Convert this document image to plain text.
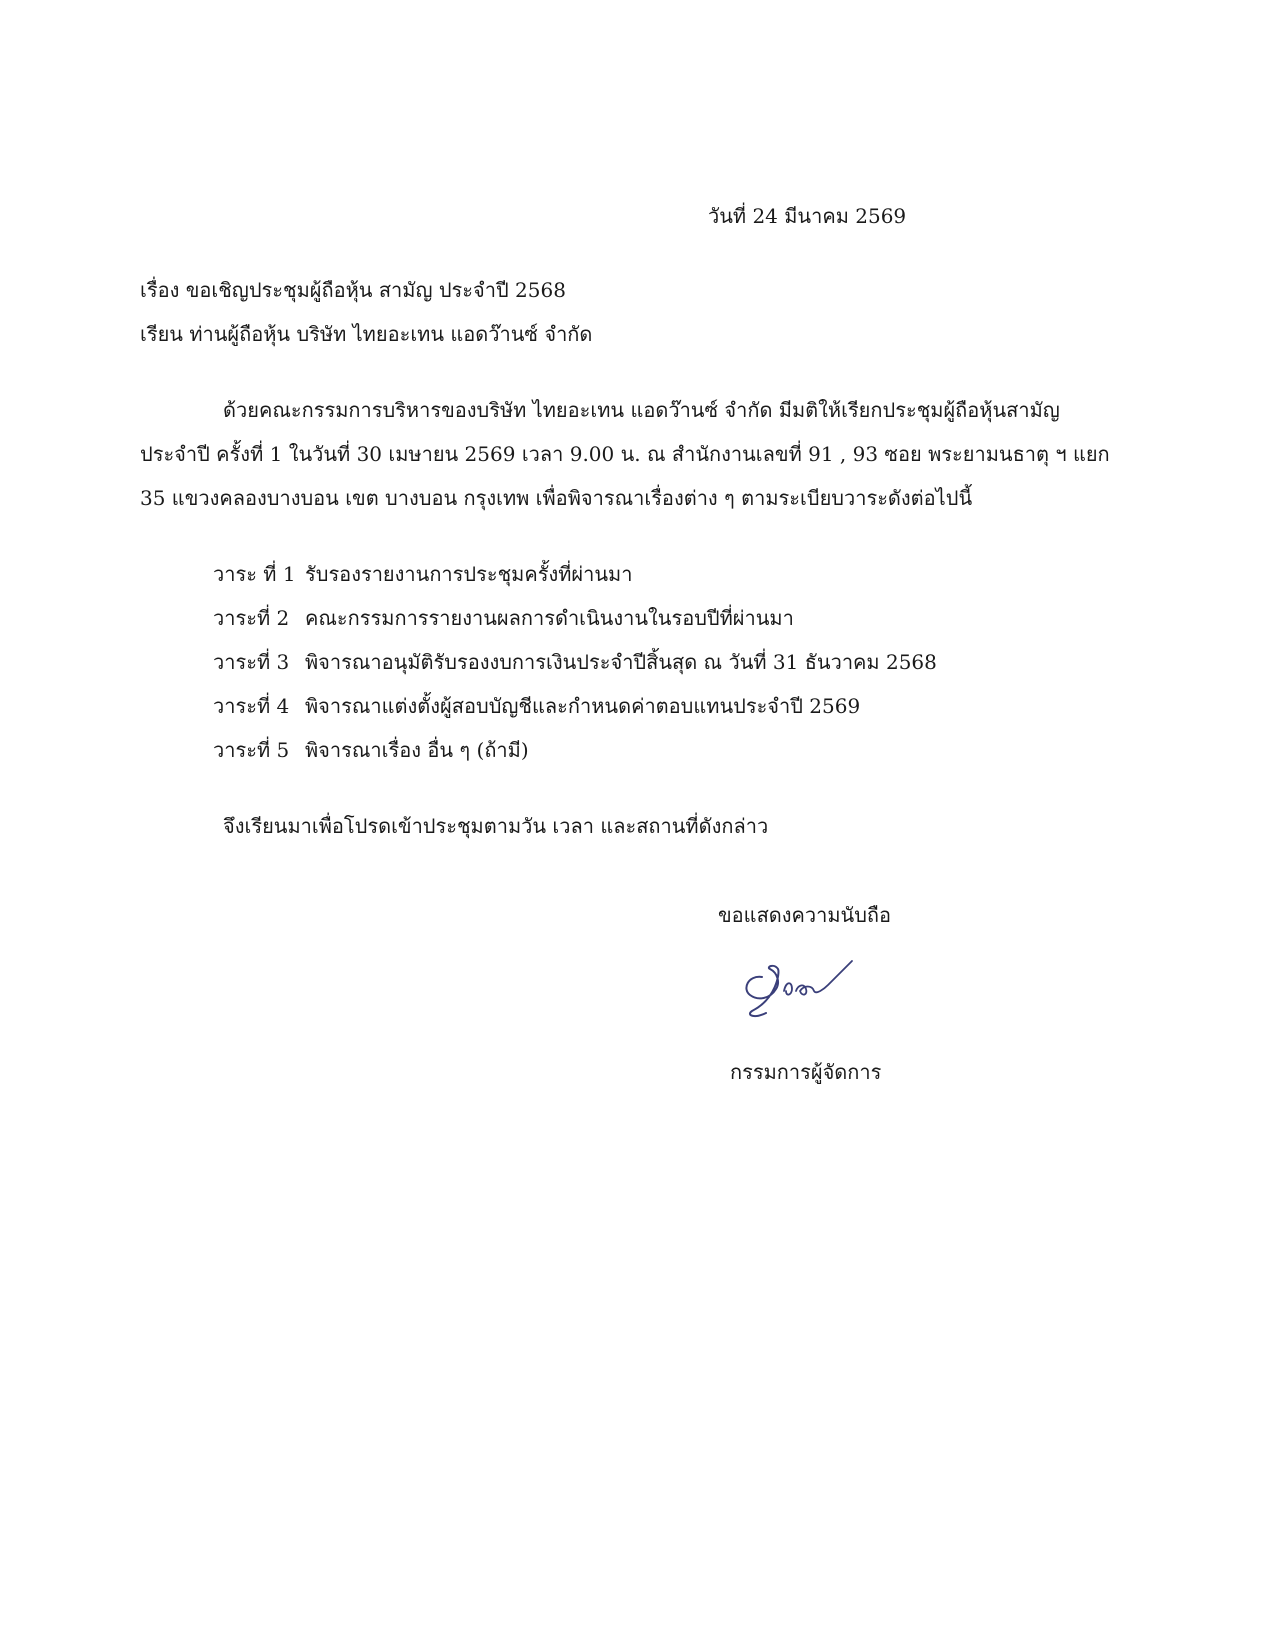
วันที่ 24 มีนาคม 2569
เรื่อง ขอเชิญประชุมผู้ถือหุ้น สามัญ ประจำปี 2568
เรียน ท่านผู้ถือหุ้น บริษัท ไทยอะเทน แอดว๊านซ์ จำกัด
ด้วยคณะกรรมการบริหารของบริษัท ไทยอะเทน แอดว๊านซ์ จำกัด มีมติให้เรียกประชุมผู้ถือหุ้นสามัญ
ประจำปี ครั้งที่ 1 ในวันที่ 30 เมษายน 2569 เวลา 9.00 น. ณ สำนักงานเลขที่ 91 , 93 ซอย พระยามนธาตุ ฯ แยก
35 แขวงคลองบางบอน เขต บางบอน กรุงเทพ เพื่อพิจารณาเรื่องต่าง ๆ ตามระเบียบวาระดังต่อไปนี้
วาระ ที่ 1 รับรองรายงานการประชุมครั้งที่ผ่านมา
วาระที่ 2 คณะกรรมการรายงานผลการดำเนินงานในรอบปีที่ผ่านมา
วาระที่ 3 พิจารณาอนุมัติรับรองงบการเงินประจำปีสิ้นสุด ณ วันที่ 31 ธันวาคม 2568
วาระที่ 4 พิจารณาแต่งตั้งผู้สอบบัญชีและกำหนดค่าตอบแทนประจำปี 2569
วาระที่ 5 พิจารณาเรื่อง อื่น ๆ (ถ้ามี)
จึงเรียนมาเพื่อโปรดเข้าประชุมตามวัน เวลา และสถานที่ดังกล่าว
ขอแสดงความนับถือ
กรรมการผู้จัดการ
